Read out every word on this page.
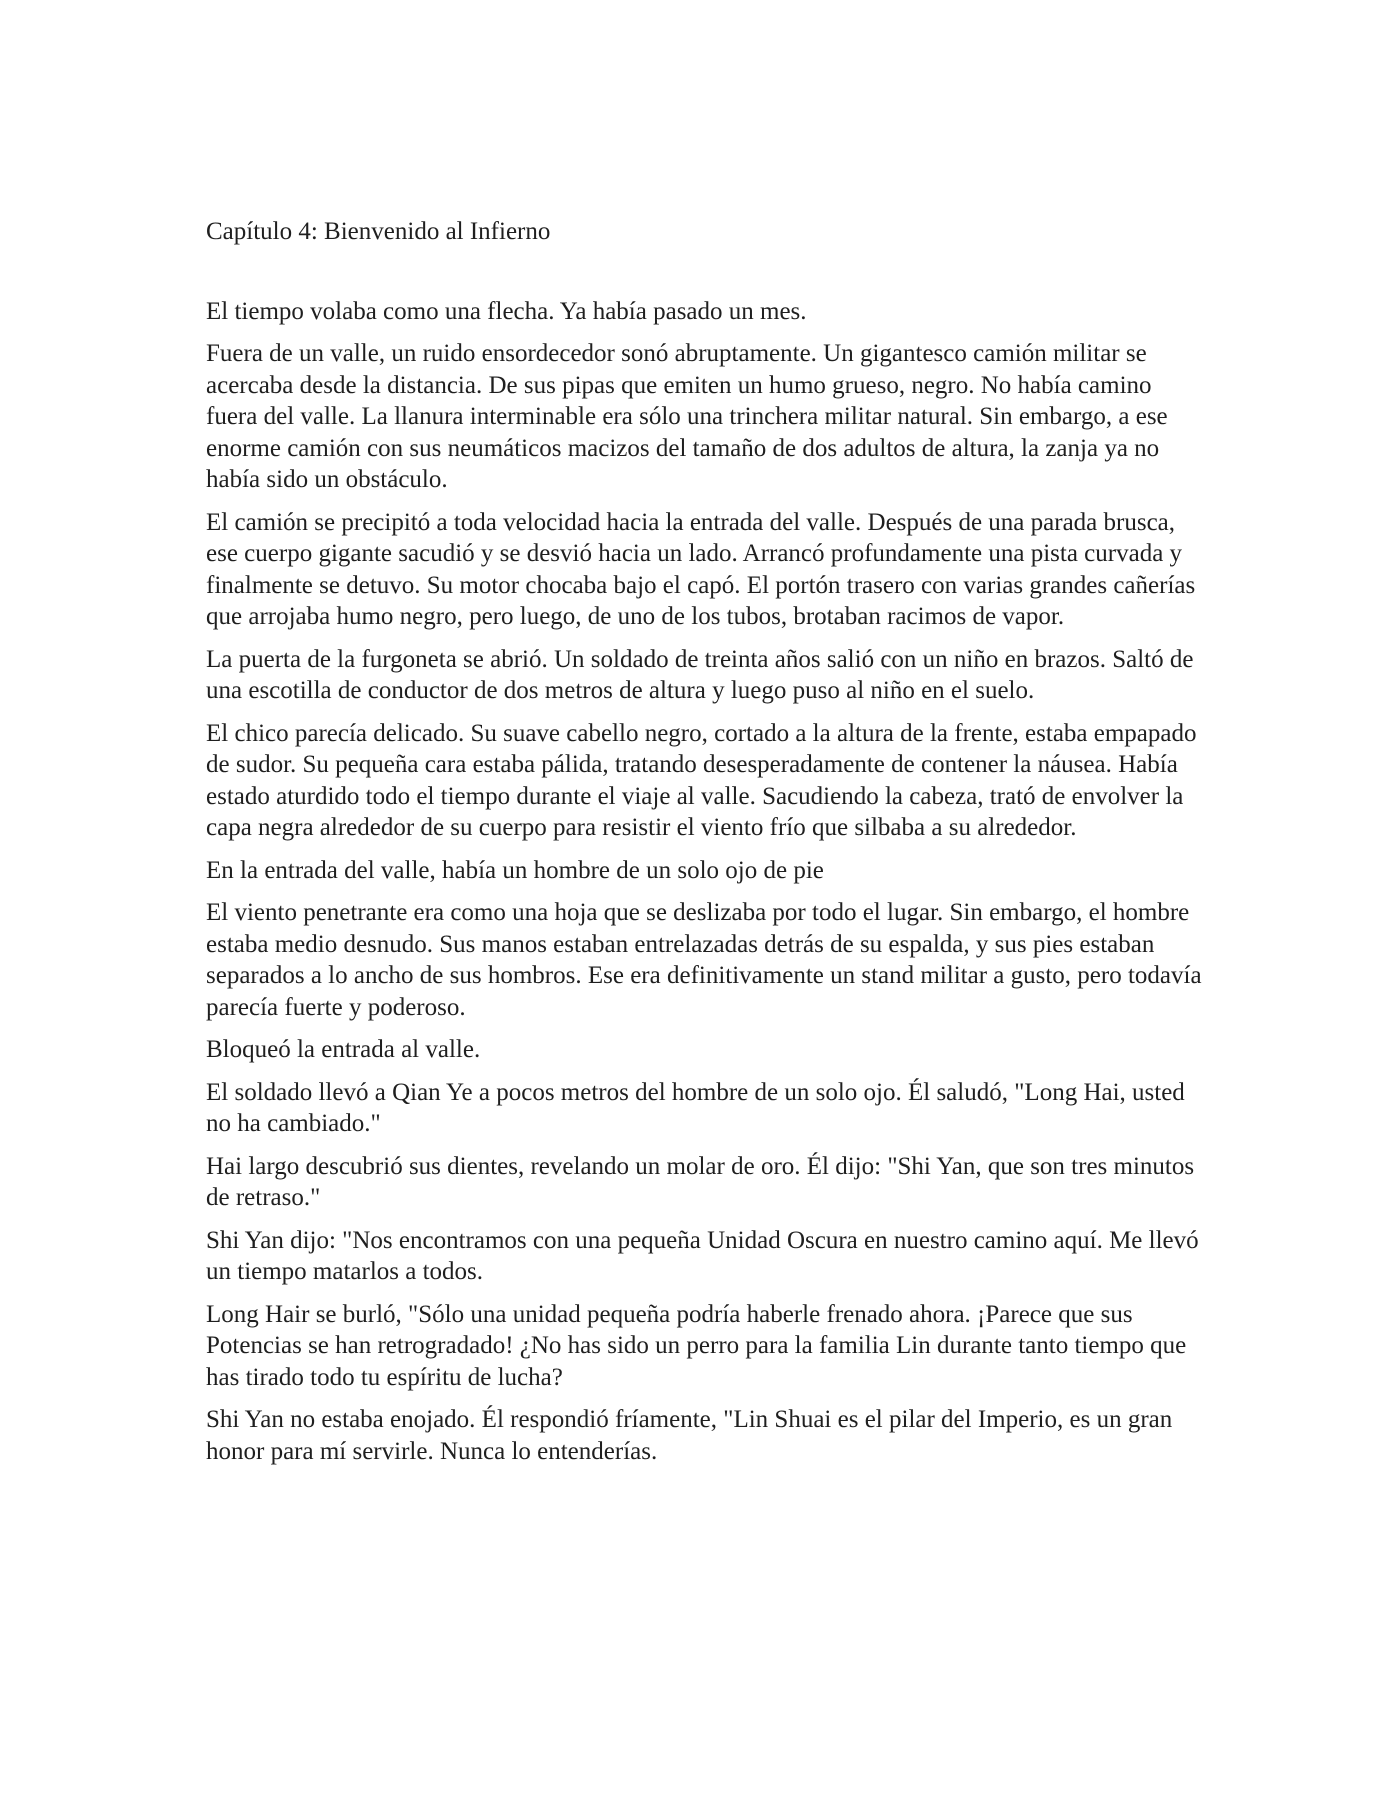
Capítulo 4: Bienvenido al Infierno

El tiempo volaba como una flecha. Ya había pasado un mes.

Fuera de un valle, un ruido ensordecedor sonó abruptamente. Un gigantesco camión militar se acercaba desde la distancia. De sus pipas que emiten un humo grueso, negro. No había camino fuera del valle. La llanura interminable era sólo una trinchera militar natural. Sin embargo, a ese enorme camión con sus neumáticos macizos del tamaño de dos adultos de altura, la zanja ya no había sido un obstáculo.

El camión se precipitó a toda velocidad hacia la entrada del valle. Después de una parada brusca, ese cuerpo gigante sacudió y se desvió hacia un lado. Arrancó profundamente una pista curvada y finalmente se detuvo. Su motor chocaba bajo el capó. El portón trasero con varias grandes cañerías que arrojaba humo negro, pero luego, de uno de los tubos, brotaban racimos de vapor.

La puerta de la furgoneta se abrió. Un soldado de treinta años salió con un niño en brazos. Saltó de una escotilla de conductor de dos metros de altura y luego puso al niño en el suelo.

El chico parecía delicado. Su suave cabello negro, cortado a la altura de la frente, estaba empapado de sudor. Su pequeña cara estaba pálida, tratando desesperadamente de contener la náusea. Había estado aturdido todo el tiempo durante el viaje al valle. Sacudiendo la cabeza, trató de envolver la capa negra alrededor de su cuerpo para resistir el viento frío que silbaba a su alrededor.

En la entrada del valle, había un hombre de un solo ojo de pie

El viento penetrante era como una hoja que se deslizaba por todo el lugar. Sin embargo, el hombre estaba medio desnudo. Sus manos estaban entrelazadas detrás de su espalda, y sus pies estaban separados a lo ancho de sus hombros. Ese era definitivamente un stand militar a gusto, pero todavía parecía fuerte y poderoso.

Bloqueó la entrada al valle.

El soldado llevó a Qian Ye a pocos metros del hombre de un solo ojo. Él saludó, "Long Hai, usted no ha cambiado."

Hai largo descubrió sus dientes, revelando un molar de oro. Él dijo: "Shi Yan, que son tres minutos de retraso."

Shi Yan dijo: "Nos encontramos con una pequeña Unidad Oscura en nuestro camino aquí. Me llevó un tiempo matarlos a todos.

Long Hair se burló, "Sólo una unidad pequeña podría haberle frenado ahora. ¡Parece que sus Potencias se han retrogradado! ¿No has sido un perro para la familia Lin durante tanto tiempo que has tirado todo tu espíritu de lucha?

Shi Yan no estaba enojado. Él respondió fríamente, "Lin Shuai es el pilar del Imperio, es un gran honor para mí servirle. Nunca lo entenderías.
